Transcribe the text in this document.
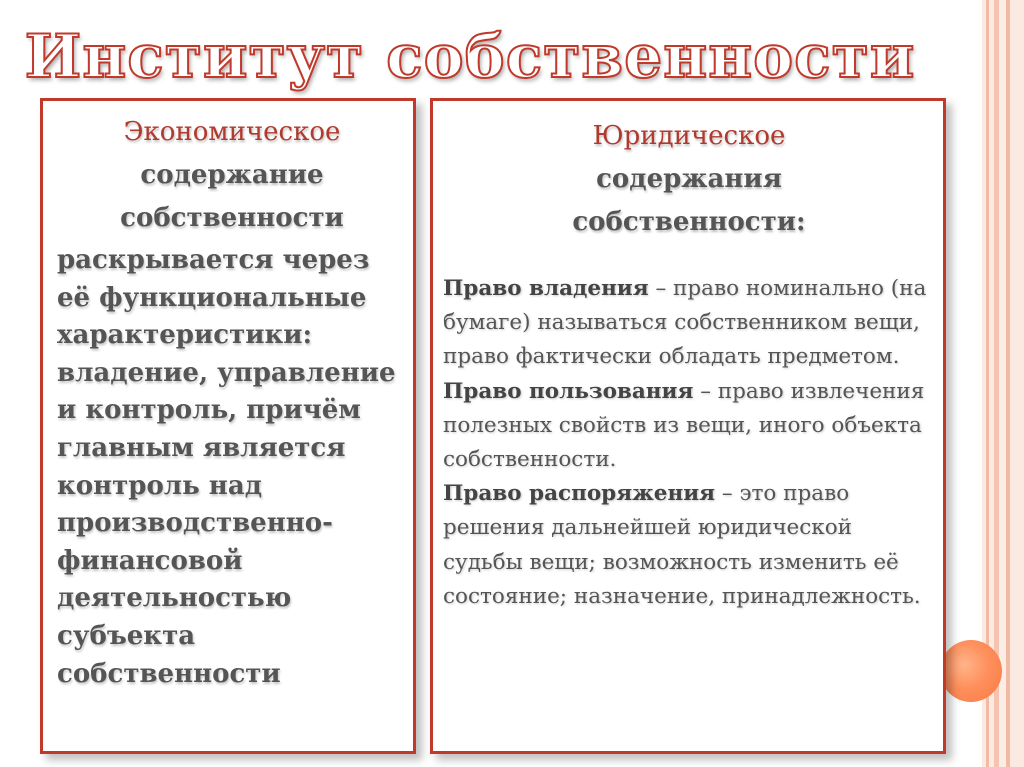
Институт собственности
Экономическое
содержание
собственности
раскрывается через её функциональные характеристики: владение, управление и контроль, причём главным является контроль над производственно-финансовой деятельностью субъекта собственности
Юридическое
содержания
собственности:

Право владения – право номинально (на бумаге) называться собственником вещи, право фактически обладать предметом.

Право пользования – право извлечения полезных свойств из вещи, иного объекта собственности.

Право распоряжения – это право решения дальнейшей юридической судьбы вещи; возможность изменить её состояние; назначение, принадлежность.
